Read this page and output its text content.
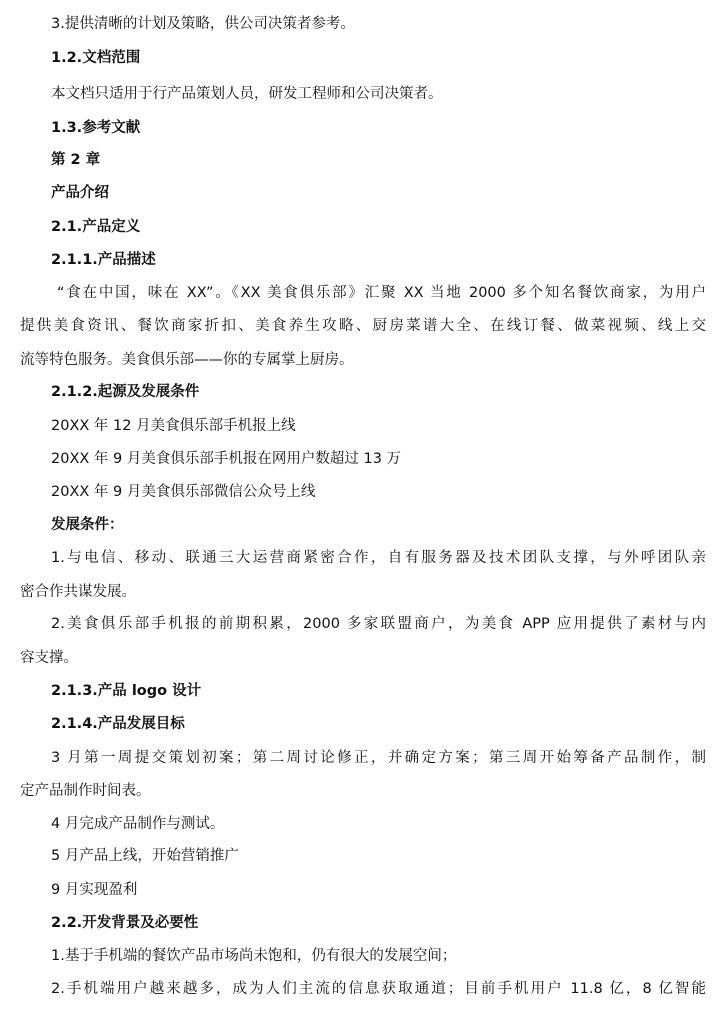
3.提供清晰的计划及策略，供公司决策者参考。
1.2.文档范围
本文档只适用于行产品策划人员，研发工程师和公司决策者。
1.3.参考文献
第 2 章
产品介绍
2.1.产品定义
2.1.1.产品描述
“食在中国，味在 XX”。《XX 美食俱乐部》汇聚 XX 当地 2000 多个知名餐饮商家，为用户
提供美食资讯、餐饮商家折扣、美食养生攻略、厨房菜谱大全、在线订餐、做菜视频、线上交
流等特色服务。美食俱乐部——你的专属掌上厨房。
2.1.2.起源及发展条件
20XX 年 12 月美食俱乐部手机报上线
20XX 年 9 月美食俱乐部手机报在网用户数超过 13 万
20XX 年 9 月美食俱乐部微信公众号上线
发展条件：
1.与电信、移动、联通三大运营商紧密合作，自有服务器及技术团队支撑，与外呼团队亲
密合作共谋发展。
2.美食俱乐部手机报的前期积累，2000 多家联盟商户，为美食 APP 应用提供了素材与内
容支撑。
2.1.3.产品 logo 设计
2.1.4.产品发展目标
3 月第一周提交策划初案；第二周讨论修正，并确定方案；第三周开始筹备产品制作，制
定产品制作时间表。
4 月完成产品制作与测试。
5 月产品上线，开始营销推广
9 月实现盈利
2.2.开发背景及必要性
1.基于手机端的餐饮产品市场尚未饱和，仍有很大的发展空间；
2.手机端用户越来越多，成为人们主流的信息获取通道；目前手机用户 11.8 亿，8 亿智能
